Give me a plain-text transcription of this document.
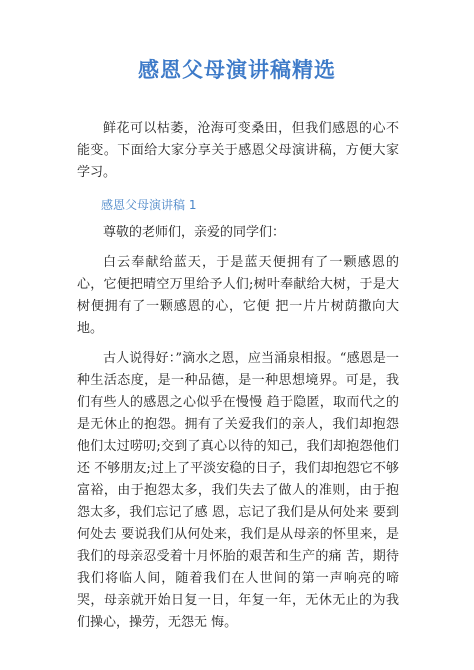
感恩父母演讲稿精选

鲜花可以枯萎，沧海可变桑田，但我们感恩的心不能变。下面给大家分享关于感恩父母演讲稿，方便大家学习。

感恩父母演讲稿 1

尊敬的老师们，亲爱的同学们：

白云奉献给蓝天，于是蓝天便拥有了一颗感恩的心，它便把晴空万里给予人们;树叶奉献给大树，于是大树便拥有了一颗感恩的心，它便 把一片片树荫撒向大地。

古人说得好：”滴水之恩，应当涌泉相报。“感恩是一种生活态度，是一种品德，是一种思想境界。可是，我们有些人的感恩之心似乎在慢慢 趋于隐匿，取而代之的是无休止的抱怨。拥有了关爱我们的亲人，我们却抱怨他们太过唠叨;交到了真心以待的知己，我们却抱怨他们还 不够朋友;过上了平淡安稳的日子，我们却抱怨它不够富裕，由于抱怨太多，我们失去了做人的准则，由于抱怨太多，我们忘记了感 恩，忘记了我们是从何处来 要到何处去 要说我们从何处来，我们是从母亲的怀里来，是我们的母亲忍受着十月怀胎的艰苦和生产的痛 苦，期待我们将临人间，随着我们在人世间的第一声响亮的啼哭，母亲就开始日复一日，年复一年，无休无止的为我们操心，操劳，无怨无 悔。
